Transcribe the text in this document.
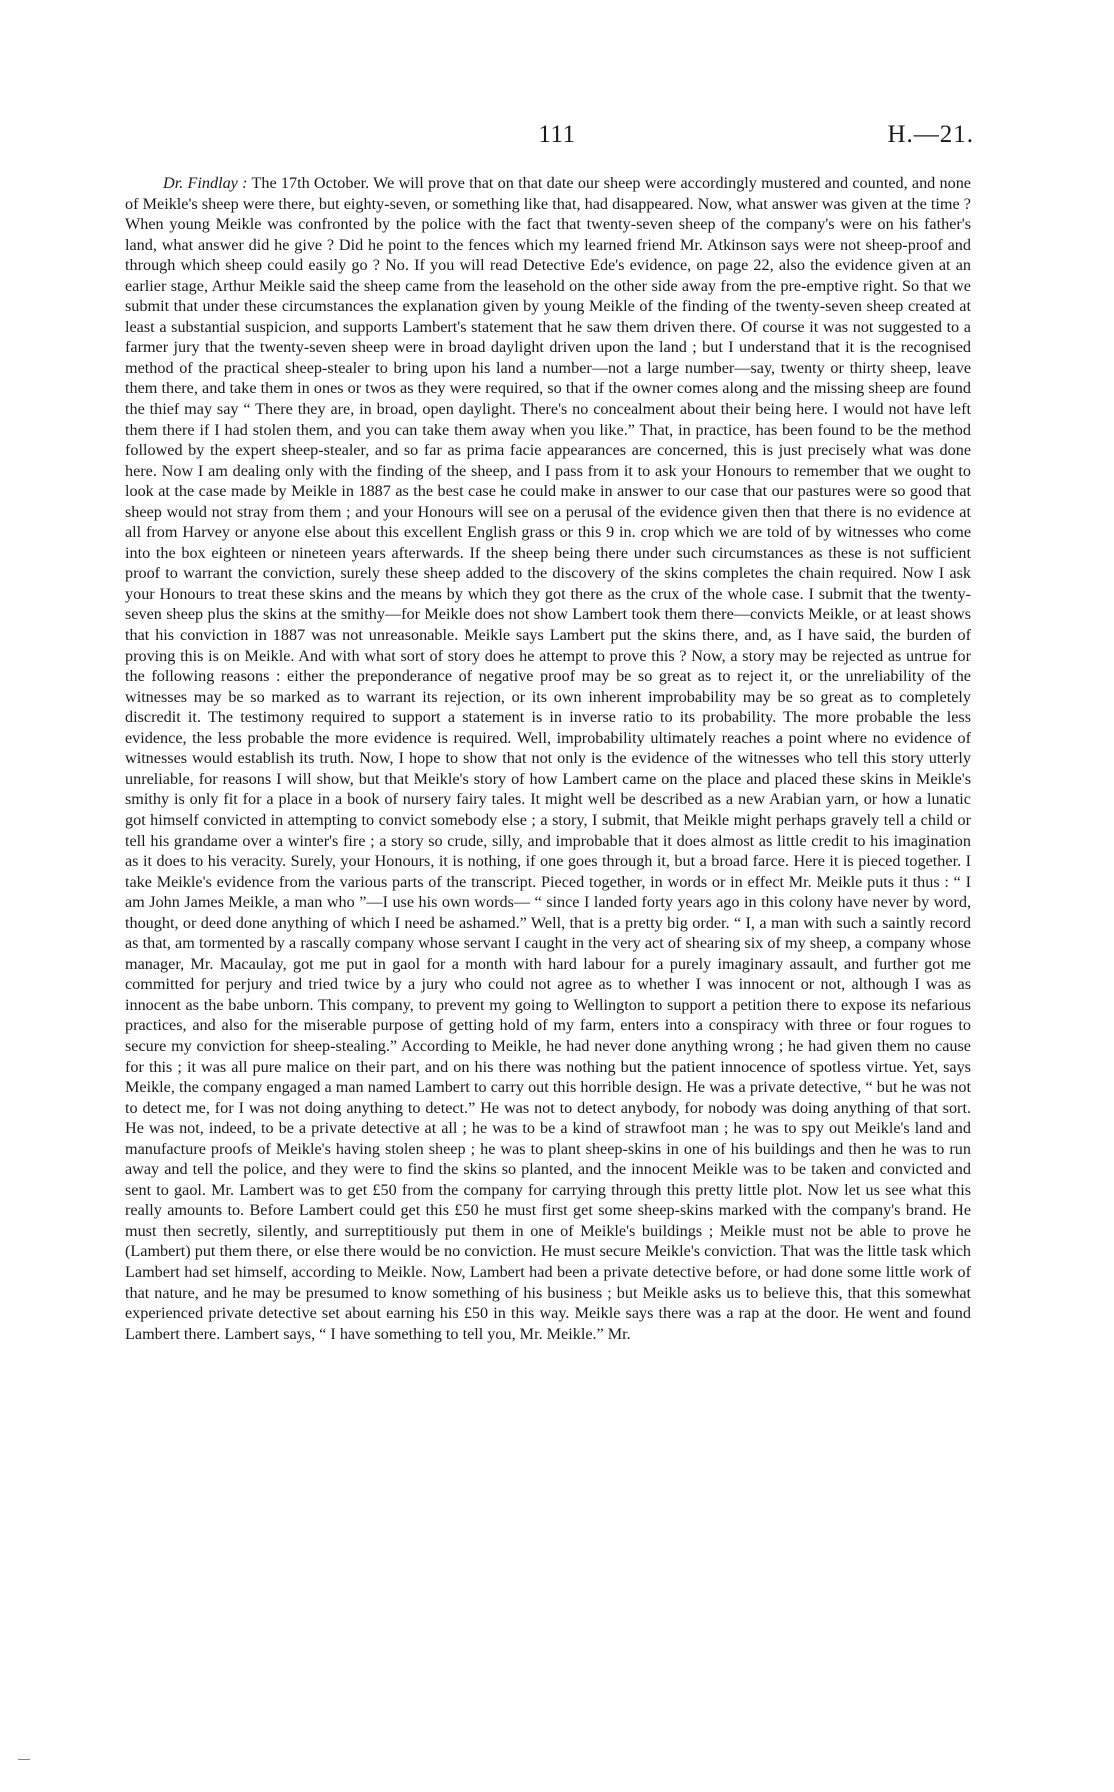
111	H.—21.

Dr. Findlay : The 17th October. We will prove that on that date our sheep were accordingly mustered and counted, and none of Meikle's sheep were there, but eighty-seven, or something like that, had disappeared. Now, what answer was given at the time ? When young Meikle was confronted by the police with the fact that twenty-seven sheep of the company's were on his father's land, what answer did he give ? Did he point to the fences which my learned friend Mr. Atkinson says were not sheep-proof and through which sheep could easily go ? No. If you will read Detective Ede's evidence, on page 22, also the evidence given at an earlier stage, Arthur Meikle said the sheep came from the leasehold on the other side away from the pre-emptive right. So that we submit that under these circumstances the explanation given by young Meikle of the finding of the twenty-seven sheep created at least a substantial suspicion, and supports Lambert's statement that he saw them driven there. Of course it was not suggested to a farmer jury that the twenty-seven sheep were in broad daylight driven upon the land ; but I understand that it is the recognised method of the practical sheep-stealer to bring upon his land a number—not a large number—say, twenty or thirty sheep, leave them there, and take them in ones or twos as they were required, so that if the owner comes along and the missing sheep are found the thief may say “ There they are, in broad, open daylight. There's no concealment about their being here. I would not have left them there if I had stolen them, and you can take them away when you like.” That, in practice, has been found to be the method followed by the expert sheep-stealer, and so far as prima facie appearances are concerned, this is just precisely what was done here. Now I am dealing only with the finding of the sheep, and I pass from it to ask your Honours to remember that we ought to look at the case made by Meikle in 1887 as the best case he could make in answer to our case that our pastures were so good that sheep would not stray from them ; and your Honours will see on a perusal of the evidence given then that there is no evidence at all from Harvey or anyone else about this excellent English grass or this 9 in. crop which we are told of by witnesses who come into the box eighteen or nineteen years afterwards. If the sheep being there under such circumstances as these is not sufficient proof to warrant the conviction, surely these sheep added to the discovery of the skins completes the chain required. Now I ask your Honours to treat these skins and the means by which they got there as the crux of the whole case. I submit that the twenty-seven sheep plus the skins at the smithy—for Meikle does not show Lambert took them there—convicts Meikle, or at least shows that his conviction in 1887 was not unreasonable. Meikle says Lambert put the skins there, and, as I have said, the burden of proving this is on Meikle. And with what sort of story does he attempt to prove this ? Now, a story may be rejected as untrue for the following reasons : either the preponderance of negative proof may be so great as to reject it, or the unreliability of the witnesses may be so marked as to warrant its rejection, or its own inherent improbability may be so great as to completely discredit it. The testimony required to support a statement is in inverse ratio to its probability. The more probable the less evidence, the less probable the more evidence is required. Well, improbability ultimately reaches a point where no evidence of witnesses would establish its truth. Now, I hope to show that not only is the evidence of the witnesses who tell this story utterly unreliable, for reasons I will show, but that Meikle's story of how Lambert came on the place and placed these skins in Meikle's smithy is only fit for a place in a book of nursery fairy tales. It might well be described as a new Arabian yarn, or how a lunatic got himself convicted in attempting to convict somebody else ; a story, I submit, that Meikle might perhaps gravely tell a child or tell his grandame over a winter's fire ; a story so crude, silly, and improbable that it does almost as little credit to his imagination as it does to his veracity. Surely, your Honours, it is nothing, if one goes through it, but a broad farce. Here it is pieced together. I take Meikle's evidence from the various parts of the transcript. Pieced together, in words or in effect Mr. Meikle puts it thus : “ I am John James Meikle, a man who ”—I use his own words— “ since I landed forty years ago in this colony have never by word, thought, or deed done anything of which I need be ashamed.” Well, that is a pretty big order. “ I, a man with such a saintly record as that, am tormented by a rascally company whose servant I caught in the very act of shearing six of my sheep, a company whose manager, Mr. Macaulay, got me put in gaol for a month with hard labour for a purely imaginary assault, and further got me committed for perjury and tried twice by a jury who could not agree as to whether I was innocent or not, although I was as innocent as the babe unborn. This company, to prevent my going to Wellington to support a petition there to expose its nefarious practices, and also for the miserable purpose of getting hold of my farm, enters into a conspiracy with three or four rogues to secure my conviction for sheep-stealing.” According to Meikle, he had never done anything wrong ; he had given them no cause for this ; it was all pure malice on their part, and on his there was nothing but the patient innocence of spotless virtue. Yet, says Meikle, the company engaged a man named Lambert to carry out this horrible design. He was a private detective, “ but he was not to detect me, for I was not doing anything to detect.” He was not to detect anybody, for nobody was doing anything of that sort. He was not, indeed, to be a private detective at all ; he was to be a kind of strawfoot man ; he was to spy out Meikle's land and manufacture proofs of Meikle's having stolen sheep ; he was to plant sheep-skins in one of his buildings and then he was to run away and tell the police, and they were to find the skins so planted, and the innocent Meikle was to be taken and convicted and sent to gaol. Mr. Lambert was to get £50 from the company for carrying through this pretty little plot. Now let us see what this really amounts to. Before Lambert could get this £50 he must first get some sheep-skins marked with the company's brand. He must then secretly, silently, and surreptitiously put them in one of Meikle's buildings ; Meikle must not be able to prove he (Lambert) put them there, or else there would be no conviction. He must secure Meikle's conviction. That was the little task which Lambert had set himself, according to Meikle. Now, Lambert had been a private detective before, or had done some little work of that nature, and he may be presumed to know something of his business ; but Meikle asks us to believe this, that this somewhat experienced private detective set about earning his £50 in this way. Meikle says there was a rap at the door. He went and found Lambert there. Lambert says, “ I have something to tell you, Mr. Meikle.” Mr.
